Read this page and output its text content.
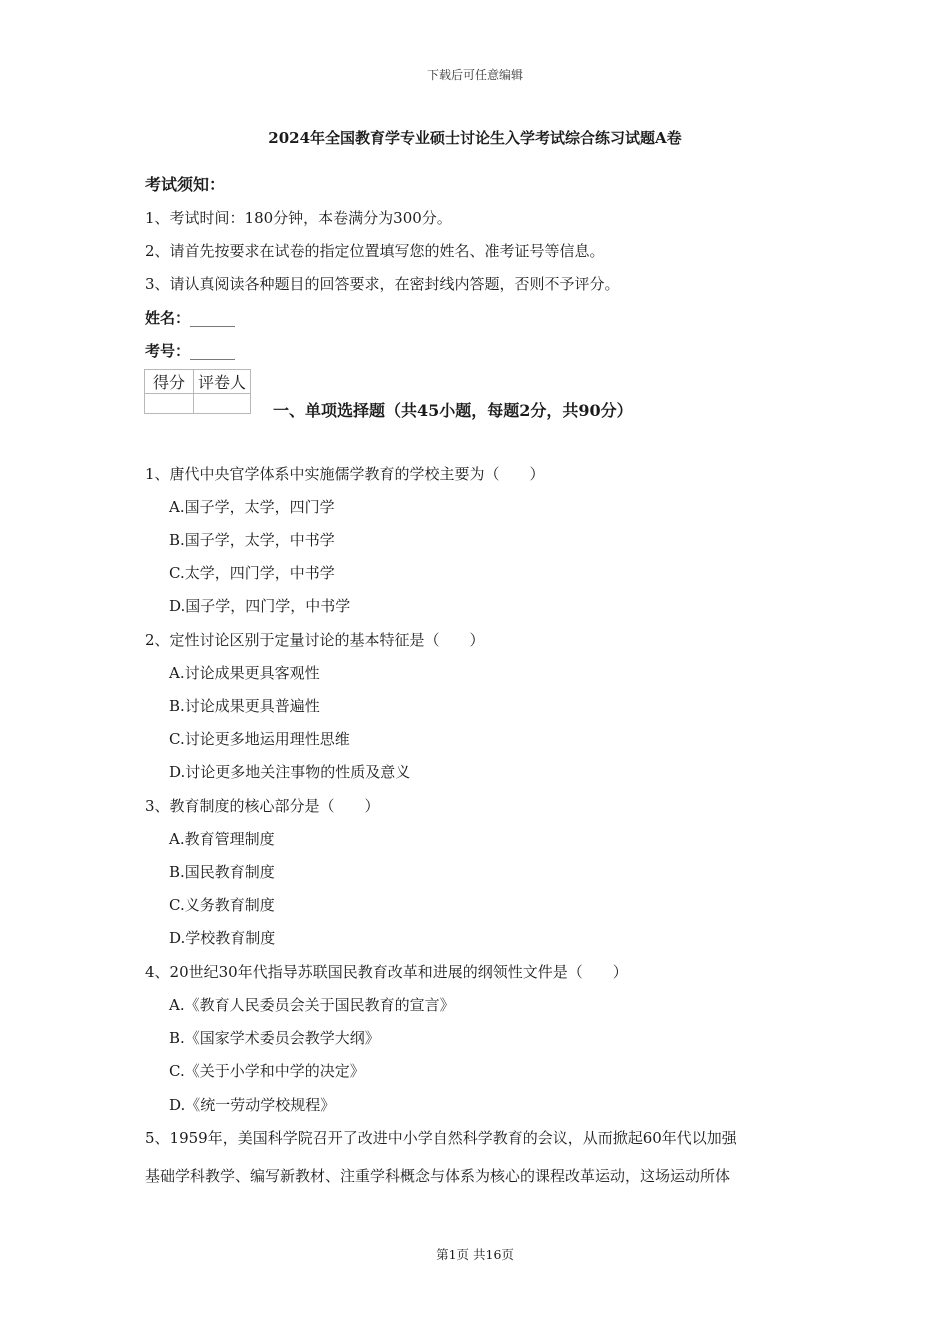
下载后可任意编辑
2024年全国教育学专业硕士讨论生入学考试综合练习试题A卷
考试须知：
1、考试时间：180分钟，本卷满分为300分。
2、请首先按要求在试卷的指定位置填写您的姓名、准考证号等信息。
3、请认真阅读各种题目的回答要求，在密封线内答题，否则不予评分。
姓名：______
考号：______
得分	评卷人

一、单项选择题（共45小题，每题2分，共90分）
1、唐代中央官学体系中实施儒学教育的学校主要为（　　）
A.国子学，太学，四门学
B.国子学，太学，中书学
C.太学，四门学，中书学
D.国子学，四门学，中书学
2、定性讨论区别于定量讨论的基本特征是（　　）
A.讨论成果更具客观性
B.讨论成果更具普遍性
C.讨论更多地运用理性思维
D.讨论更多地关注事物的性质及意义
3、教育制度的核心部分是（　　）
A.教育管理制度
B.国民教育制度
C.义务教育制度
D.学校教育制度
4、20世纪30年代指导苏联国民教育改革和进展的纲领性文件是（　　）
A.《教育人民委员会关于国民教育的宣言》
B.《国家学术委员会教学大纲》
C.《关于小学和中学的决定》
D.《统一劳动学校规程》
5、1959年，美国科学院召开了改进中小学自然科学教育的会议，从而掀起60年代以加强
基础学科教学、编写新教材、注重学科概念与体系为核心的课程改革运动，这场运动所体
第1页 共16页
